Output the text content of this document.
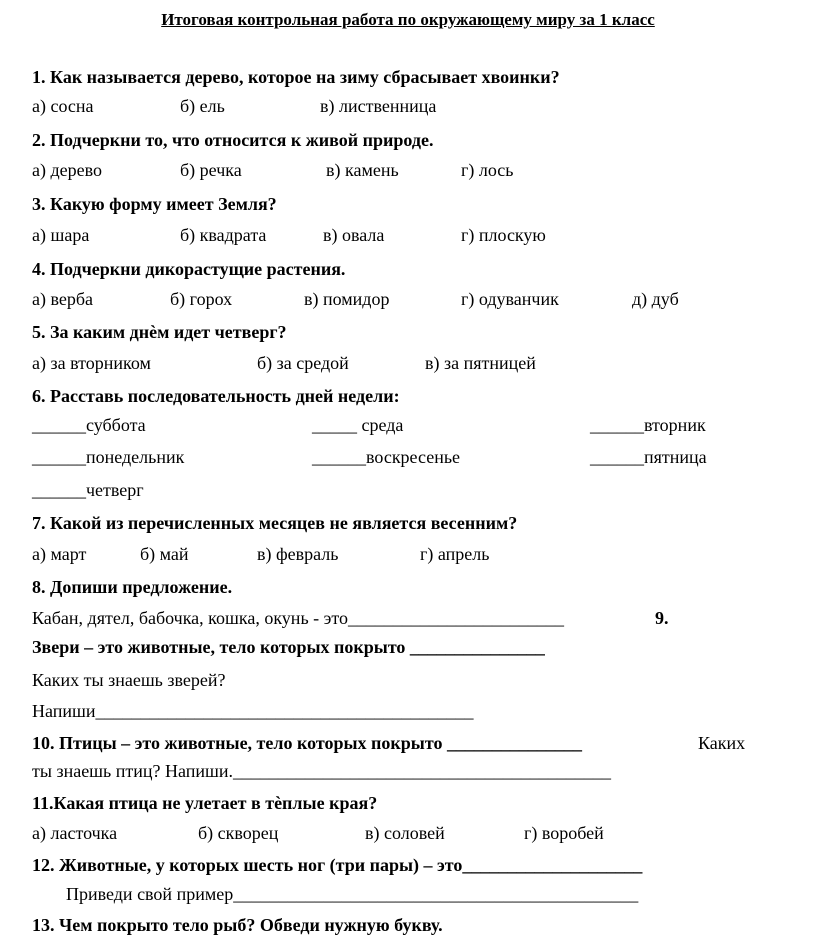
Итоговая контрольная работа по окружающему миру за 1 класс
1. Как называется дерево, которое на зиму сбрасывает хвоинки?
а) сосна	б) ель	в) лиственница
2. Подчеркни то, что относится к живой природе.
а) дерево	б) речка	в) камень	г) лось
3. Какую форму имеет Земля?
а) шара	б) квадрата	в) овала	г) плоскую
4. Подчеркни дикорастущие растения.
а) верба	б) горох	в) помидор	г) одуванчик	д) дуб
5. За каким днѐм идет четверг?
а) за вторником	б) за средой	в) за пятницей
6. Расставь последовательность дней недели:
______суббота	_____ среда	______вторник
______понедельник	______воскресенье	______пятница
______четверг
7. Какой из перечисленных месяцев не является весенним?
а) март	б) май	в) февраль	г) апрель
8. Допиши предложение.
Кабан, дятел, бабочка, кошка, окунь - это________________________	9.
Звери – это животные, тело которых покрыто _______________
Каких ты знаешь зверей?
Напиши__________________________________________
10. Птицы – это животные, тело которых покрыто _______________	Каких
ты знаешь птиц? Напиши.__________________________________________
11.Какая птица не улетает в тѐплые края?
а) ласточка	б) скворец	в) соловей	г) воробей
12. Животные, у которых шесть ног (три пары) – это____________________
Приведи свой пример_____________________________________________
13. Чем покрыто тело рыб? Обведи нужную букву.
